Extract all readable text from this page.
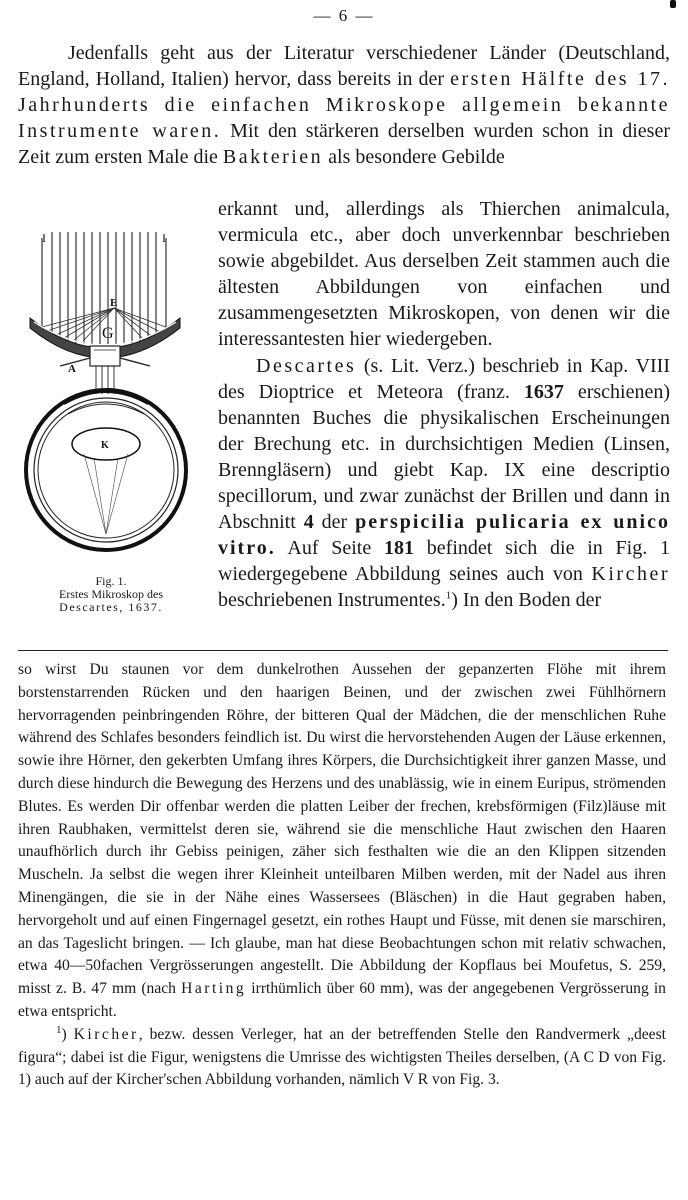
— 6 —

Jedenfalls geht aus der Literatur verschiedener Länder (Deutschland, England, Holland, Italien) hervor, dass bereits in der ersten Hälfte des 17. Jahrhunderts die einfachen Mikroskope allgemein bekannte Instrumente waren. Mit den stärkeren derselben wurden schon in dieser Zeit zum ersten Male die Bakterien als besondere Gebilde

I	I
E
G
A
K
Fig. 1.
Erstes Mikroskop des
Descartes, 1637.

erkannt und, allerdings als Thierchen animalcula, vermicula etc., aber doch unverkennbar beschrieben sowie abgebildet. Aus derselben Zeit stammen auch die ältesten Abbildungen von einfachen und zusammengesetzten Mikroskopen, von denen wir die interessantesten hier wiedergeben.

Descartes (s. Lit. Verz.) beschrieb in Kap. VIII des Dioptrice et Meteora (franz. 1637 erschienen) benannten Buches die physikalischen Erscheinungen der Brechung etc. in durchsichtigen Medien (Linsen, Brenngläsern) und giebt Kap. IX eine descriptio specillorum, und zwar zunächst der Brillen und dann in Abschnitt 4 der perspicilia pulicaria ex unico vitro. Auf Seite 181 befindet sich die in Fig. 1 wiedergegebene Abbildung seines auch von Kircher beschriebenen Instrumentes.$^1$) In den Boden der

so wirst Du staunen vor dem dunkelrothen Aussehen der gepanzerten Flöhe mit ihrem borstenstarrenden Rücken und den haarigen Beinen, und der zwischen zwei Fühlhörnern hervorragenden peinbringenden Röhre, der bitteren Qual der Mädchen, die der menschlichen Ruhe während des Schlafes besonders feindlich ist. Du wirst die hervorstehenden Augen der Läuse erkennen, sowie ihre Hörner, den gekerbten Umfang ihres Körpers, die Durchsichtigkeit ihrer ganzen Masse, und durch diese hindurch die Bewegung des Herzens und des unablässig, wie in einem Euripus, strömenden Blutes. Es werden Dir offenbar werden die platten Leiber der frechen, krebsförmigen (Filz)läuse mit ihren Raubhaken, vermittelst deren sie, während sie die menschliche Haut zwischen den Haaren unaufhörlich durch ihr Gebiss peinigen, zäher sich festhalten wie die an den Klippen sitzenden Muscheln. Ja selbst die wegen ihrer Kleinheit unteilbaren Milben werden, mit der Nadel aus ihren Minengängen, die sie in der Nähe eines Wassersees (Bläschen) in die Haut gegraben haben, hervorgeholt und auf einen Fingernagel gesetzt, ein rothes Haupt und Füsse, mit denen sie marschiren, an das Tageslicht bringen. — Ich glaube, man hat diese Beobachtungen schon mit relativ schwachen, etwa 40—50fachen Vergrösserungen angestellt. Die Abbildung der Kopflaus bei Moufetus, S. 259, misst z. B. 47 mm (nach Harting irrthümlich über 60 mm), was der angegebenen Vergrösserung in etwa entspricht.

$^1$) Kircher, bezw. dessen Verleger, hat an der betreffenden Stelle den Randvermerk „deest figura“; dabei ist die Figur, wenigstens die Umrisse des wichtigsten Theiles derselben, (A C D von Fig. 1) auch auf der Kircher'schen Abbildung vorhanden, nämlich V R von Fig. 3.
